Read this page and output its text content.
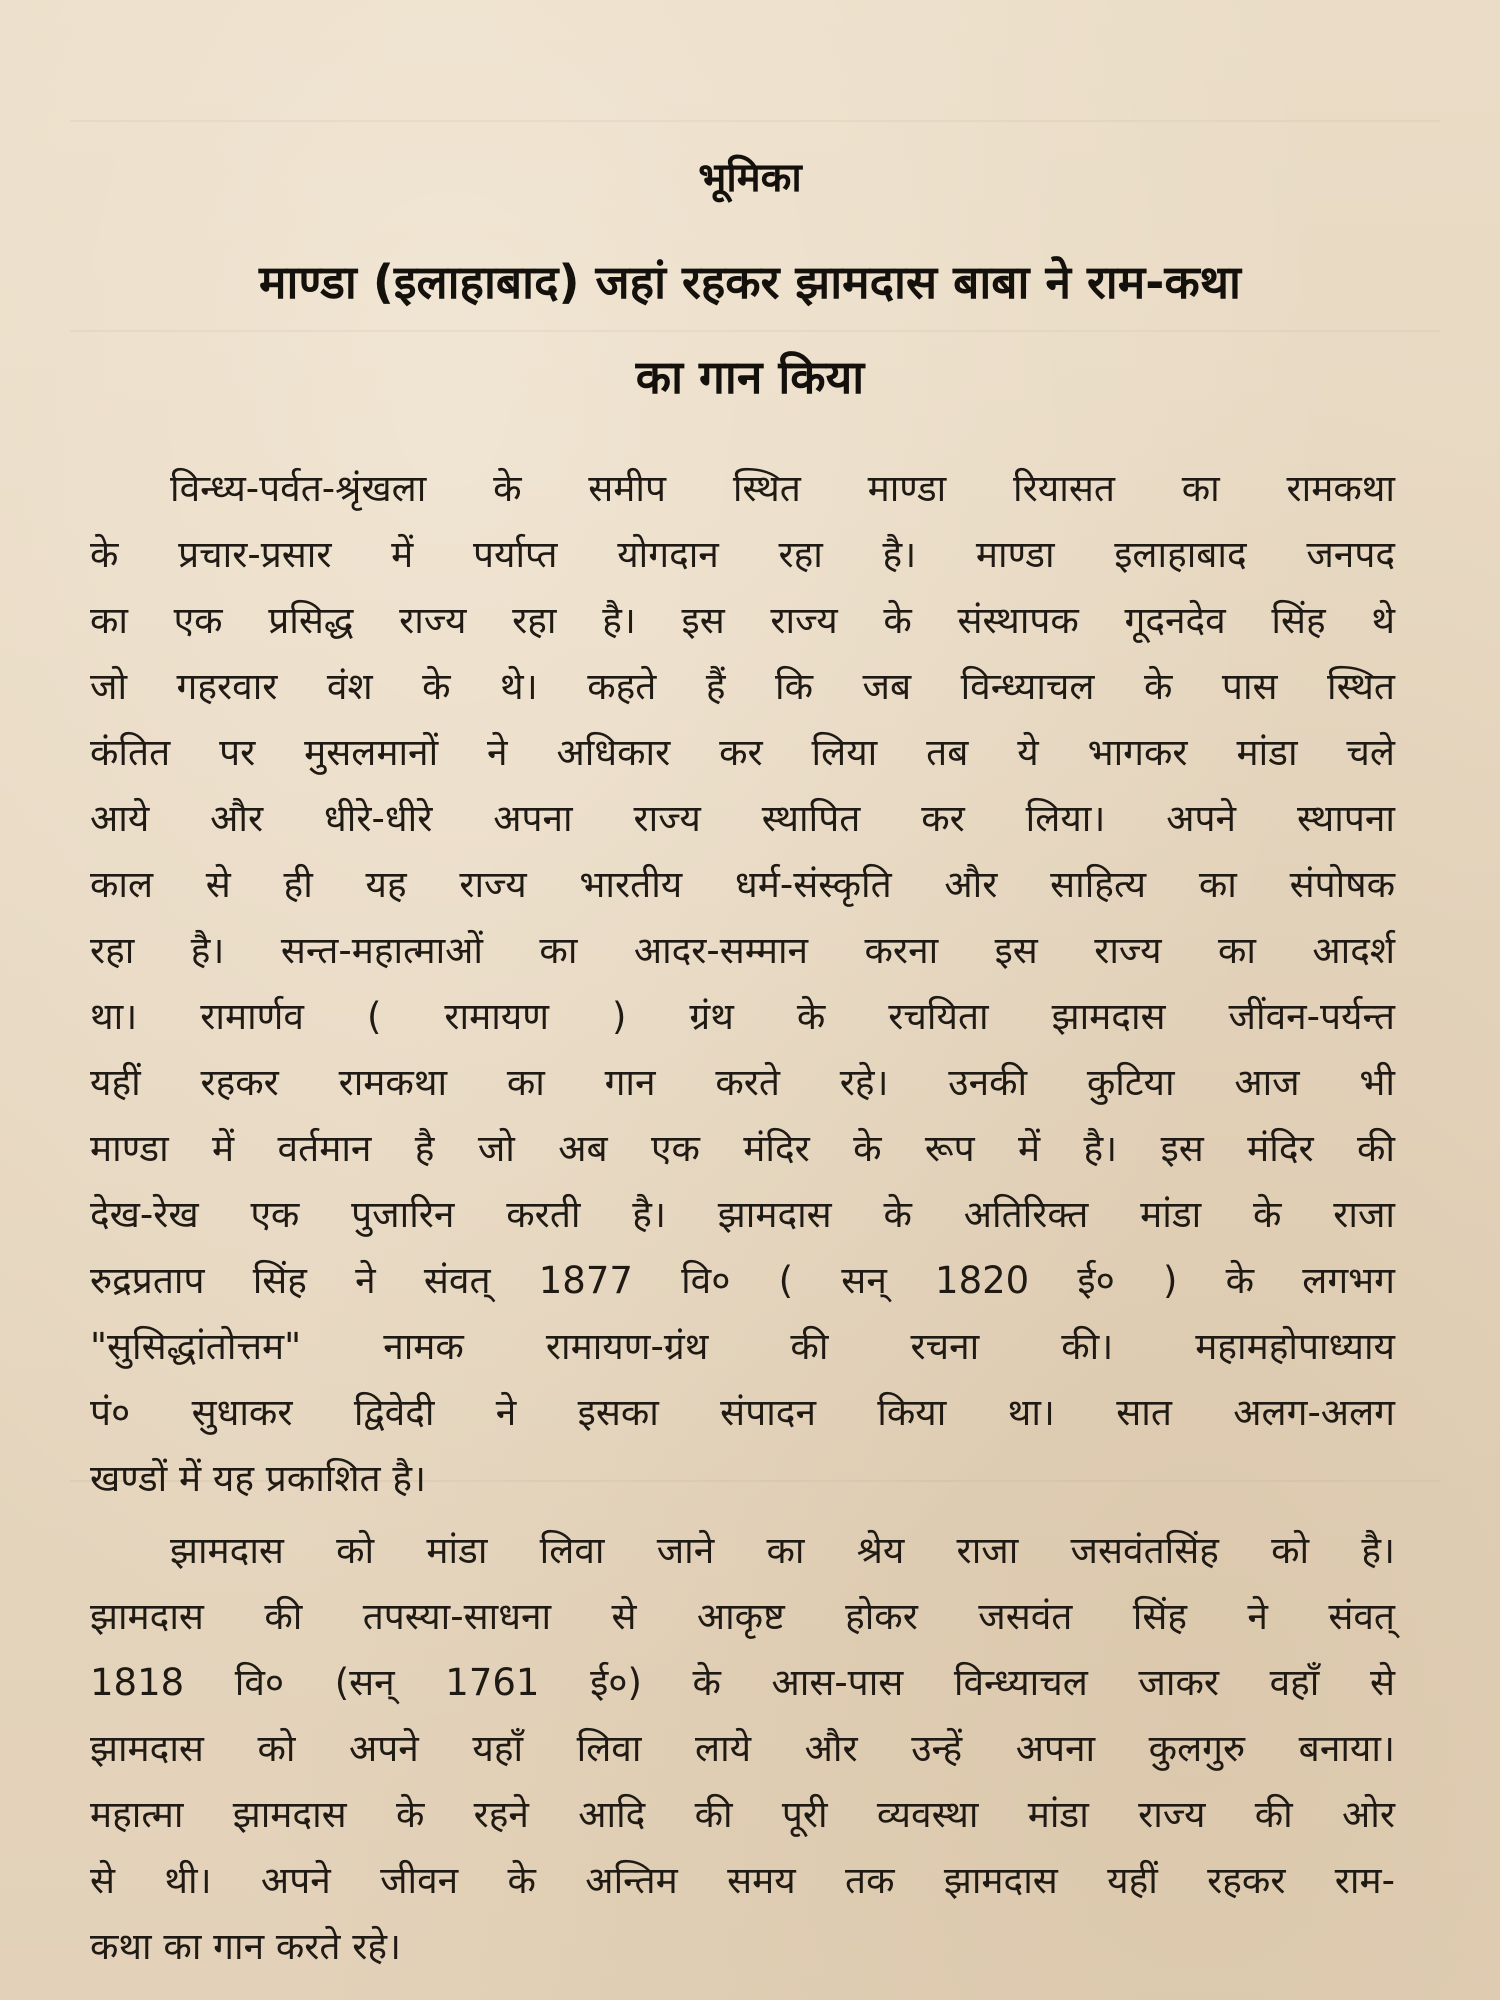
भूमिका
माण्डा (इलाहाबाद) जहां रहकर झामदास बाबा ने राम-कथा
का गान किया
विन्ध्य-पर्वत-श्रृंखला के समीप स्थित माण्डा रियासत का रामकथा
के प्रचार-प्रसार में पर्याप्त योगदान रहा है। माण्डा इलाहाबाद जनपद
का एक प्रसिद्ध राज्य रहा है। इस राज्य के संस्थापक गूदनदेव सिंह थे
जो गहरवार वंश के थे। कहते हैं कि जब विन्ध्याचल के पास स्थित
कंतित पर मुसलमानों ने अधिकार कर लिया तब ये भागकर मांडा चले
आये और धीरे-धीरे अपना राज्य स्थापित कर लिया। अपने स्थापना
काल से ही यह राज्य भारतीय धर्म-संस्कृति और साहित्य का संपोषक
रहा है। सन्त-महात्माओं का आदर-सम्मान करना इस राज्य का आदर्श
था। रामार्णव ( रामायण ) ग्रंथ के रचयिता झामदास जींवन-पर्यन्त
यहीं रहकर रामकथा का गान करते रहे। उनकी कुटिया आज भी
माण्डा में वर्तमान है जो अब एक मंदिर के रूप में है। इस मंदिर की
देख-रेख एक पुजारिन करती है। झामदास के अतिरिक्त मांडा के राजा
रुद्रप्रताप सिंह ने संवत् 1877 वि० ( सन् 1820 ई० ) के लगभग
"सुसिद्धांतोत्तम" नामक रामायण-ग्रंथ की रचना की। महामहोपाध्याय
पं० सुधाकर द्विवेदी ने इसका संपादन किया था। सात अलग-अलग
खण्डों में यह प्रकाशित है।
झामदास को मांडा लिवा जाने का श्रेय राजा जसवंतसिंह को है।
झामदास की तपस्या-साधना से आकृष्ट होकर जसवंत सिंह ने संवत्
1818 वि० (सन् 1761 ई०) के आस-पास विन्ध्याचल जाकर वहाँ से
झामदास को अपने यहाँ लिवा लाये और उन्हें अपना कुलगुरु बनाया।
महात्मा झामदास के रहने आदि की पूरी व्यवस्था मांडा राज्य की ओर
से थी। अपने जीवन के अन्तिम समय तक झामदास यहीं रहकर राम-
कथा का गान करते रहे।
